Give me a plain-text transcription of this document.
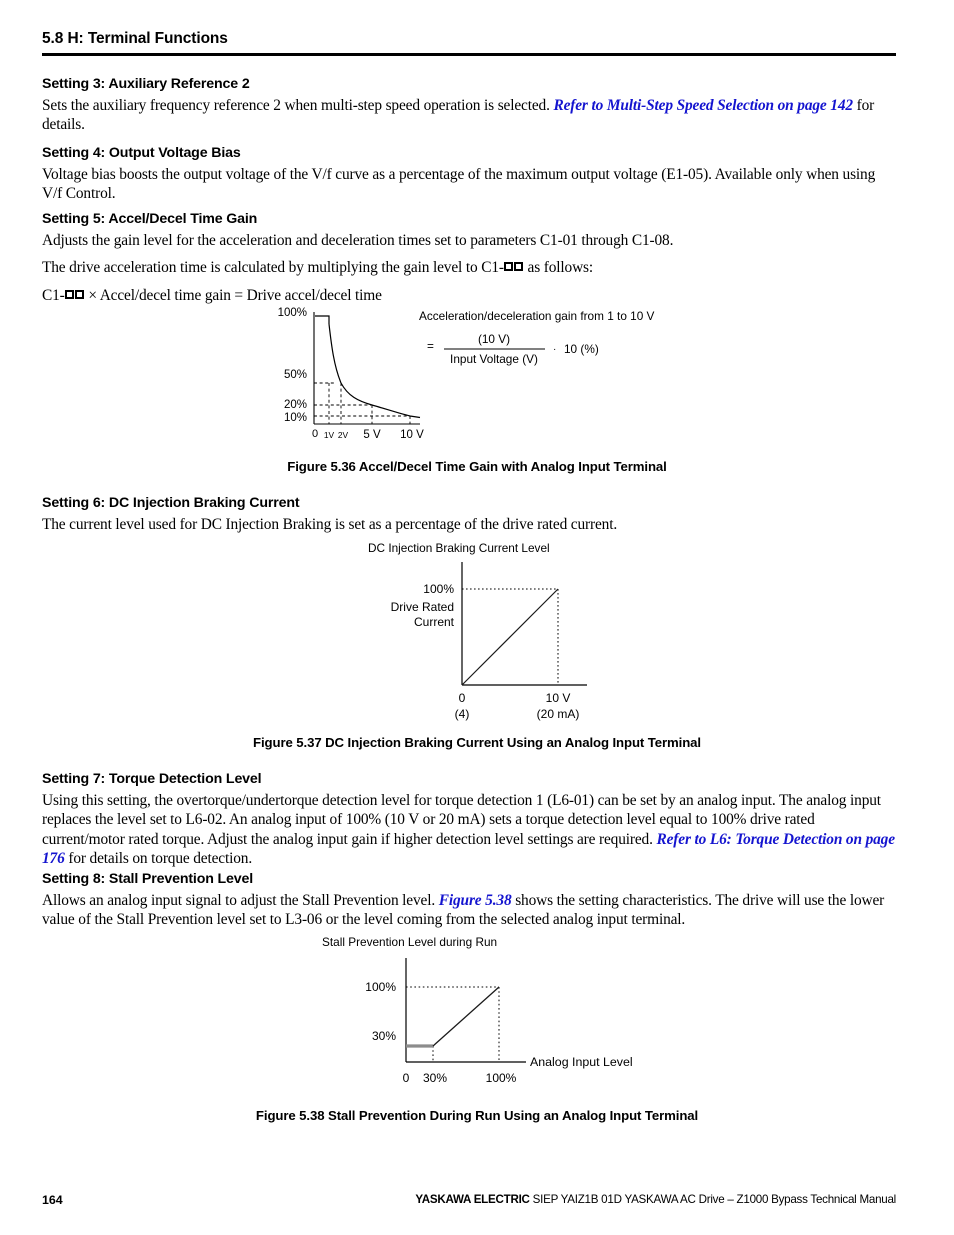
5.8 H: Terminal Functions
Setting 3: Auxiliary Reference 2
Sets the auxiliary frequency reference 2 when multi-step speed operation is selected. Refer to Multi-Step Speed Selection on page 142 for details.
Setting 4: Output Voltage Bias
Voltage bias boosts the output voltage of the V/f curve as a percentage of the maximum output voltage (E1-05). Available only when using V/f Control.
Setting 5: Accel/Decel Time Gain
Adjusts the gain level for the acceleration and deceleration times set to parameters C1-01 through C1-08.
The drive acceleration time is calculated by multiplying the gain level to C1- as follows:
C1- × Accel/decel time gain = Drive accel/decel time
100%
50%
20%
10%
0 1V 2V 5 V 10 V
Acceleration/deceleration gain from 1 to 10 V
=	(10 V)
Input Voltage (V)
· 10 (%)
Figure 5.36 Accel/Decel Time Gain with Analog Input Terminal
Setting 6: DC Injection Braking Current
The current level used for DC Injection Braking is set as a percentage of the drive rated current.
DC Injection Braking Current Level
100%
Drive Rated
Current
0
(4)
10 V
(20 mA)
Figure 5.37 DC Injection Braking Current Using an Analog Input Terminal
Setting 7: Torque Detection Level
Using this setting, the overtorque/undertorque detection level for torque detection 1 (L6-01) can be set by an analog input. The analog input replaces the level set to L6-02. An analog input of 100% (10 V or 20 mA) sets a torque detection level equal to 100% drive rated current/motor rated torque. Adjust the analog input gain if higher detection level settings are required. Refer to L6: Torque Detection on page 176 for details on torque detection.
Setting 8: Stall Prevention Level
Allows an analog input signal to adjust the Stall Prevention level. Figure 5.38 shows the setting characteristics. The drive will use the lower value of the Stall Prevention level set to L3-06 or the level coming from the selected analog input terminal.
Stall Prevention Level during Run
100%
30%
Analog Input Level
0 30%	100%
Figure 5.38 Stall Prevention During Run Using an Analog Input Terminal
164	YASKAWA ELECTRIC SIEP YAIZ1B 01D YASKAWA AC Drive – Z1000 Bypass Technical Manual
